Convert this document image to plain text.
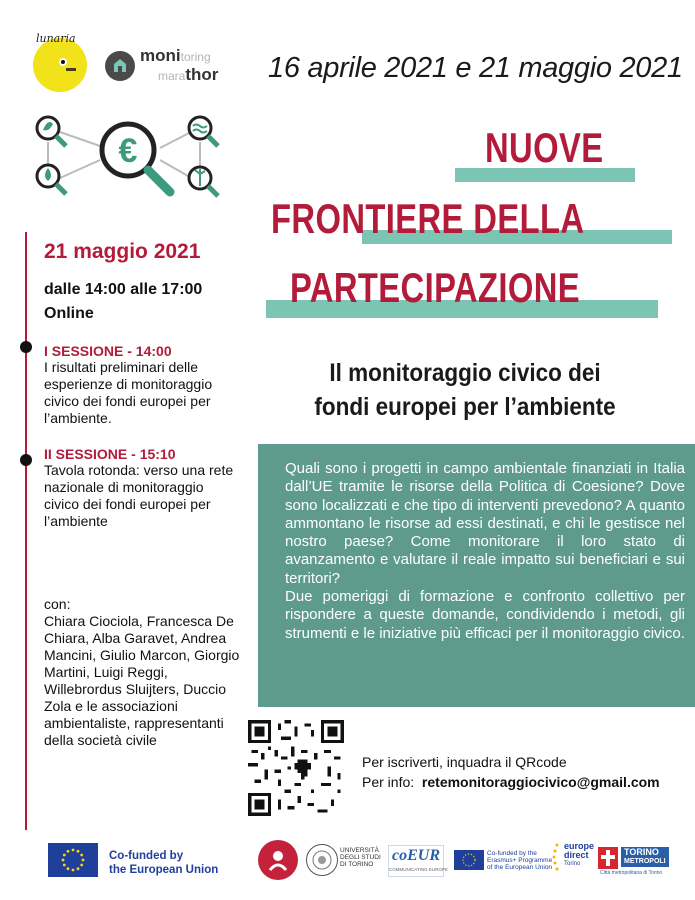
lunaria
monitoring
marathor 16 aprile 2021 e 21 maggio 2021
€	NUOVE
FRONTIERE DELLA
PARTECIPAZIONE
Il monitoraggio civico dei
fondi europei per l’ambiente
21 maggio 2021
dalle 14:00 alle 17:00
Online
I SESSIONE - 14:00
I risultati preliminari delle esperienze di monitoraggio civico dei fondi europei per l’ambiente.
II SESSIONE - 15:10
Tavola rotonda: verso una rete nazionale di monitoraggio civico dei fondi europei per l’ambiente
con:
Chiara Ciociola, Francesca De Chiara, Alba Garavet, Andrea Mancini, Giulio Marcon, Giorgio Martini, Luigi Reggi, Willebrordus Sluijters, Duccio Zola e le associazioni ambientaliste, rappresentanti della società civile
Quali sono i progetti in campo ambientale finanziati in Italia dall’UE tramite le risorse della Politica di Coesione? Dove sono localizzati e che tipo di interventi prevedono? A quanto ammontano le risorse ad essi destinati, e chi le gestisce nel nostro paese? Come monitorare il loro stato di avanzamento e valutare il reale impatto sui beneficiari e sui territori?
Due pomeriggi di formazione e confronto collettivo per rispondere a queste domande, condividendo i metodi, gli strumenti e le iniziative più efficaci per il monitoraggio civico.
Per iscriverti, inquadra il QRcode
Per info: retemonitoraggiocivico@gmail.com
Co-funded by
the European Union
UNIVERSITÀ
DEGLI STUDI
DI TORINO
coEUR
COMMUNICATING EUROPE
Co-funded by the
Erasmus+ Programme
of the European Union
europe
direct
Torino
TORINO
METROPOLI
Città metropolitana di Torino
